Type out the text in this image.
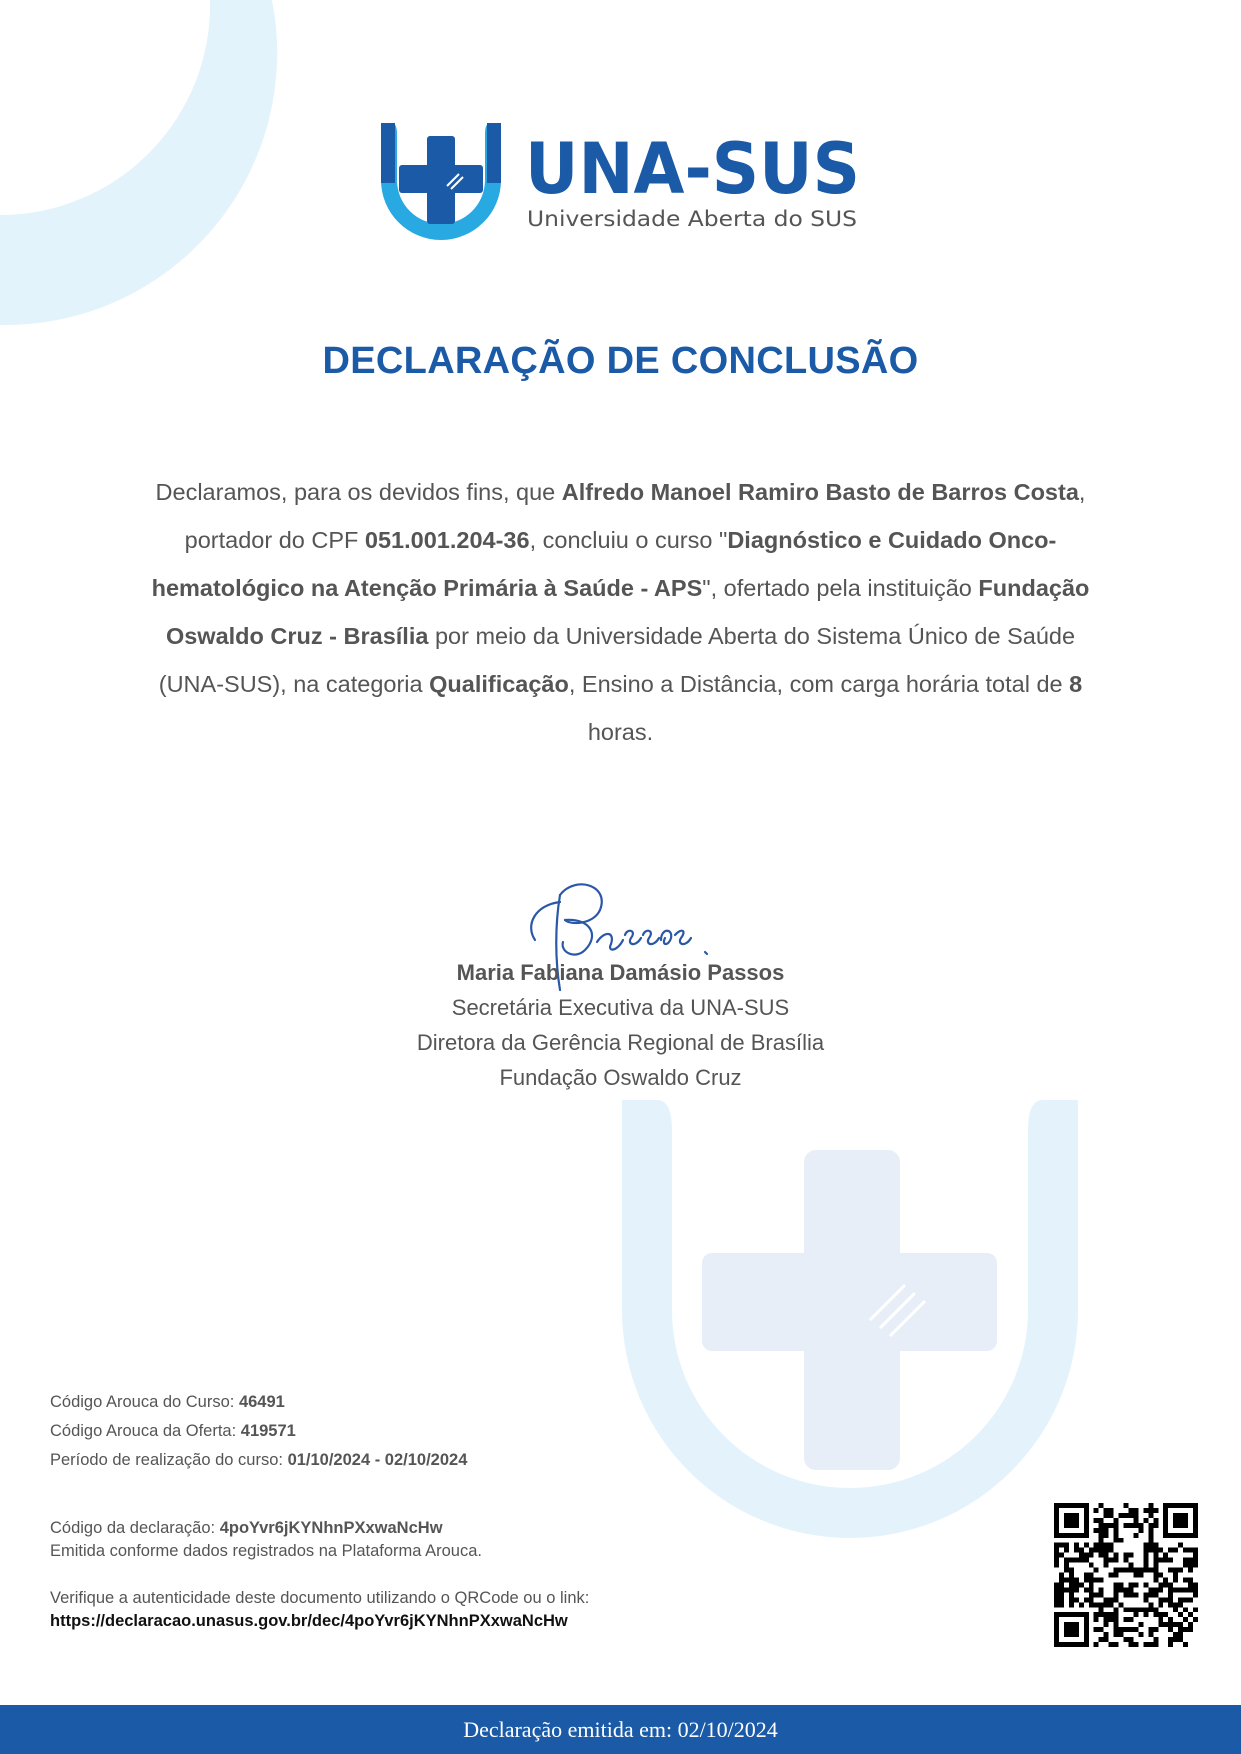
UNA-SUS
Universidade Aberta do SUS
DECLARAÇÃO DE CONCLUSÃO
Declaramos, para os devidos fins, que Alfredo Manoel Ramiro Basto de Barros Costa, portador do CPF 051.001.204-36, concluiu o curso "Diagnóstico e Cuidado Onco-hematológico na Atenção Primária à Saúde - APS", ofertado pela instituição Fundação Oswaldo Cruz - Brasília por meio da Universidade Aberta do Sistema Único de Saúde (UNA-SUS), na categoria Qualificação, Ensino a Distância, com carga horária total de 8 horas.
Maria Fabiana Damásio Passos
Secretária Executiva da UNA-SUS
Diretora da Gerência Regional de Brasília
Fundação Oswaldo Cruz
Código Arouca do Curso: 46491
Código Arouca da Oferta: 419571
Período de realização do curso: 01/10/2024 - 02/10/2024
Código da declaração: 4poYvr6jKYNhnPXxwaNcHw
Emitida conforme dados registrados na Plataforma Arouca.
Verifique a autenticidade deste documento utilizando o QRCode ou o link:
https://declaracao.unasus.gov.br/dec/4poYvr6jKYNhnPXxwaNcHw
Declaração emitida em: 02/10/2024
